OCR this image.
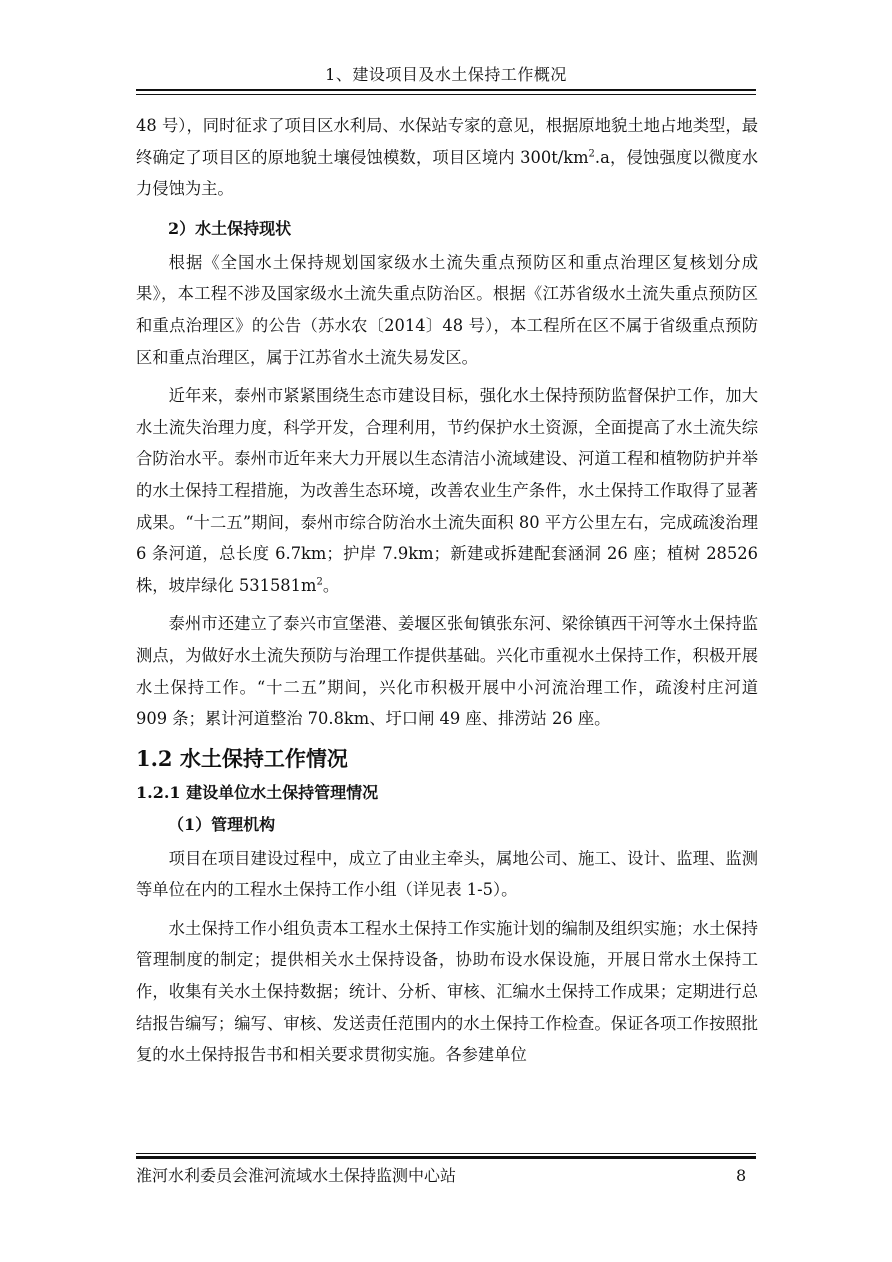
1、建设项目及水土保持工作概况

48 号），同时征求了项目区水利局、水保站专家的意见，根据原地貌土地占地类型，最终确定了项目区的原地貌土壤侵蚀模数，项目区境内 $300t/km^2.a$，侵蚀强度以微度水力侵蚀为主。

2）水土保持现状

根据《全国水土保持规划国家级水土流失重点预防区和重点治理区复核划分成果》，本工程不涉及国家级水土流失重点防治区。根据《江苏省级水土流失重点预防区和重点治理区》的公告（苏水农〔2014〕48 号），本工程所在区不属于省级重点预防区和重点治理区，属于江苏省水土流失易发区。

近年来，泰州市紧紧围绕生态市建设目标，强化水土保持预防监督保护工作，加大水土流失治理力度，科学开发，合理利用，节约保护水土资源，全面提高了水土流失综合防治水平。泰州市近年来大力开展以生态清洁小流域建设、河道工程和植物防护并举的水土保持工程措施，为改善生态环境，改善农业生产条件，水土保持工作取得了显著成果。“十二五”期间，泰州市综合防治水土流失面积 80 平方公里左右，完成疏浚治理 6 条河道，总长度 6.7km；护岸 7.9km；新建或拆建配套涵洞 26 座；植树 28526 株，坡岸绿化 $531581m^2$。

泰州市还建立了泰兴市宣堡港、姜堰区张甸镇张东河、梁徐镇西干河等水土保持监测点，为做好水土流失预防与治理工作提供基础。兴化市重视水土保持工作，积极开展水土保持工作。“十二五”期间，兴化市积极开展中小河流治理工作，疏浚村庄河道 909 条；累计河道整治 70.8km、圩口闸 49 座、排涝站 26 座。

1.2 水土保持工作情况
1.2.1 建设单位水土保持管理情况
（1）管理机构

项目在项目建设过程中，成立了由业主牵头，属地公司、施工、设计、监理、监测等单位在内的工程水土保持工作小组（详见表 1-5）。

水土保持工作小组负责本工程水土保持工作实施计划的编制及组织实施；水土保持管理制度的制定；提供相关水土保持设备，协助布设水保设施，开展日常水土保持工作，收集有关水土保持数据；统计、分析、审核、汇编水土保持工作成果；定期进行总结报告编写；编写、审核、发送责任范围内的水土保持工作检查。保证各项工作按照批复的水土保持报告书和相关要求贯彻实施。各参建单位

淮河水利委员会淮河流域水土保持监测中心站	8
